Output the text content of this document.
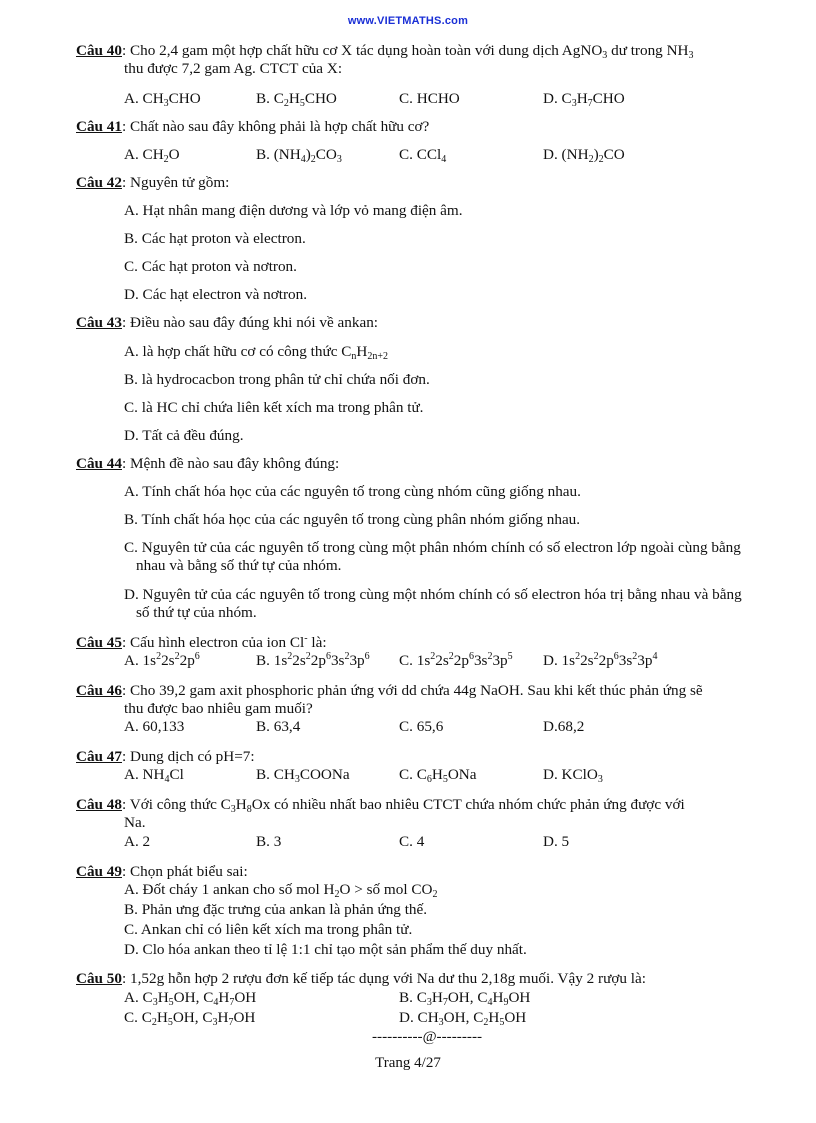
www.VIETMATHS.com
Câu 40: Cho 2,4 gam một hợp chất hữu cơ X tác dụng hoàn toàn với dung dịch AgNO$_3$ dư trong $NH_3$
thu được 7,2 gam Ag. CTCT của X:
A. $CH_3CHO$	B. $C_2H_5CHO$	C. HCHO	D. $C_3H_7CHO$
Câu 41: Chất nào sau đây không phải là hợp chất hữu cơ?
A. $CH_2O$	B. $(NH_4)_2CO_3$	C. CCl$_4$	D. $(NH_2)_2CO$
Câu 42: Nguyên tử gồm:
A. Hạt nhân mang điện dương và lớp vỏ mang điện âm.
B. Các hạt proton và electron.
C. Các hạt proton và nơtron.
D. Các hạt electron và nơtron.
Câu 43: Điều nào sau đây đúng khi nói về ankan:
A. là hợp chất hữu cơ có công thức $C_nH_{2n+2}$
B. là hydrocacbon trong phân tử chỉ chứa nối đơn.
C. là HC chỉ chứa liên kết xích ma trong phân tử.
D. Tất cả đều đúng.
Câu 44: Mệnh đề nào sau đây không đúng:
A. Tính chất hóa học của các nguyên tố trong cùng nhóm cũng giống nhau.
B. Tính chất hóa học của các nguyên tố trong cùng phân nhóm giống nhau.
C. Nguyên tử của các nguyên tố trong cùng một phân nhóm chính có số electron lớp ngoài cùng bằng nhau và bằng số thứ tự của nhóm.
D. Nguyên tử của các nguyên tố trong cùng một nhóm chính có số electron hóa trị bằng nhau và bằng số thứ tự của nhóm.
Câu 45: Cấu hình electron của ion Cl- là:
A. $1s^22s^22p^6$	B. $1s^22s^22p^63s^23p^6$ C. $1s^22s^22p^63s^23p^5$ D. $1s^22s^22p^63s^23p^4$
Câu 46: Cho 39,2 gam axit phosphoric phản ứng với dd chứa 44g NaOH. Sau khi kết thúc phản ứng sẽ
thu được bao nhiêu gam muối?
A. 60,133	B. 63,4	C. 65,6	D.68,2
Câu 47: Dung dịch có pH=7:
A. $NH_4Cl$	B. $CH_3COONa$	C. $C_6H_5ONa$	D. KClO$_3$
Câu 48: Với công thức $C_3H_8Ox$ có nhiều nhất bao nhiêu CTCT chứa nhóm chức phản ứng được với
Na.
A. 2	B. 3	C. 4	D. 5
Câu 49: Chọn phát biểu sai:
A. Đốt cháy 1 ankan cho số mol $H_2O$ > số mol $CO_2$
B. Phản ưng đặc trưng của ankan là phản ứng thế.
C. Ankan chỉ có liên kết xích ma trong phân tử.
D. Clo hóa ankan theo tỉ lệ 1:1 chỉ tạo một sản phẩm thế duy nhất.
Câu 50: 1,52g hỗn hợp 2 rượu đơn kế tiếp tác dụng với Na dư thu 2,18g muối. Vậy 2 rượu là:
A. $C_3H_5OH$, $C_4H_7OH$	B. $C_3H_7OH$, $C_4H_9OH$
C. $C_2H_5OH$, $C_3H_7OH$	D. $CH_3OH$, $C_2H_5OH$
----------@---------
Trang 4/27
